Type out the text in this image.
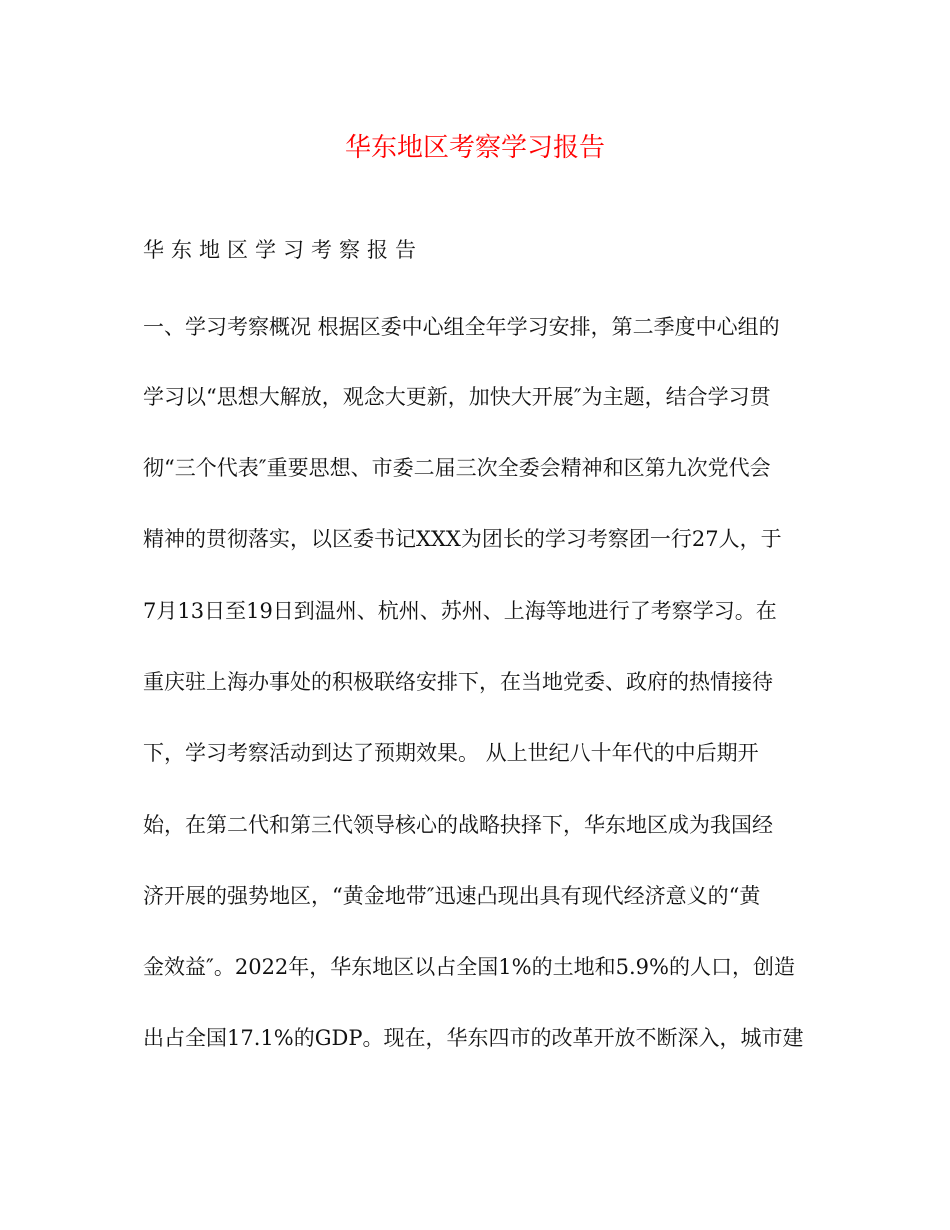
华东地区考察学习报告
华东地区学习考察报告
一、学习考察概况 根据区委中心组全年学习安排，第二季度中心组的
学习以“思想大解放，观念大更新，加快大开展″为主题，结合学习贯
彻“三个代表″重要思想、市委二届三次全委会精神和区第九次党代会
精神的贯彻落实，以区委书记XXX为团长的学习考察团一行27人，于
7月13日至19日到温州、杭州、苏州、上海等地进行了考察学习。在
重庆驻上海办事处的积极联络安排下，在当地党委、政府的热情接待
下，学习考察活动到达了预期效果。 从上世纪八十年代的中后期开
始，在第二代和第三代领导核心的战略抉择下，华东地区成为我国经
济开展的强势地区，“黄金地带″迅速凸现出具有现代经济意义的“黄
金效益″。2022年，华东地区以占全国1%的土地和5.9%的人口，创造
出占全国17.1%的GDP。现在，华东四市的改革开放不断深入，城市建
